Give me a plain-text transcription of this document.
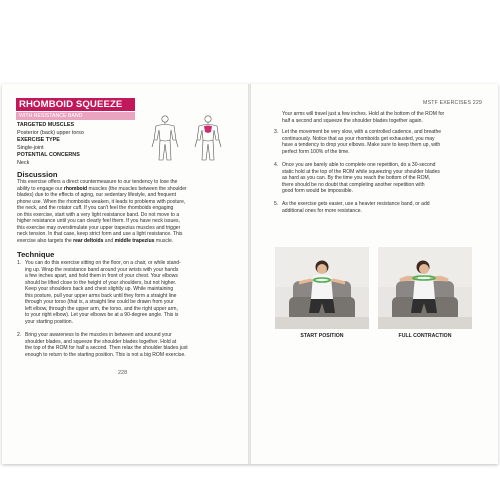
RHOMBOID SQUEEZE
WITH RESISTANCE BAND
TARGETED MUSCLES
Posterior (back) upper torso
EXERCISE TYPE
Single-joint
POTENTIAL CONCERNS
Neck
Discussion
This exercise offers a direct countermeasure to our tendency to lose the
ability to engage our rhomboid muscles (the muscles between the shoulder
blades) due to the effects of aging, our sedentary lifestyle, and frequent
phone use. When the rhomboids weaken, it leads to problems with posture,
the neck, and the rotator cuff. If you can't feel the rhomboids engaging
on this exercise, start with a very light resistance band. Do not move to a
higher resistance until you can clearly feel them. If you have neck issues,
this exercise may overstimulate your upper trapezius muscles and trigger
neck tension. In that case, keep strict form and use a light resistance. This
exercise also targets the rear deltoids and middle trapezius muscle.
Technique
1. You can do this exercise sitting on the floor, on a chair, or while stand-
ing up. Wrap the resistance band around your wrists with your hands
a few inches apart, and hold them in front of your chest. Your elbows
should be lifted close to the height of your shoulders, but not higher.
Keep your shoulders back and chest slightly up. While maintaining
this posture, pull your upper arms back until they form a straight line
through your torso (that is, a straight line could be drawn from your
left elbow, through the upper arm, the torso, and the right upper arm,
to your right elbow). Let your elbows be at a 90-degree angle. This is
your starting position.
2. Bring your awareness to the muscles in between and around your
shoulder blades, and squeeze the shoulder blades together. Hold at
the top of the ROM for half a second. Then relax the shoulder blades just
enough to return to the starting position. This is not a big ROM exercise.
228
MSTF EXERCISES 229
Your arms will travel just a few inches. Hold at the bottom of the ROM for
half a second and squeeze the shoulder blades together again.
3. Let the movement be very slow, with a controlled cadence, and breathe
continuously. Notice that as your rhomboids get exhausted, you may
have a tendency to drop your elbows. Make sure to keep them up, with
perfect form 100% of the time.
4. Once you are barely able to complete one repetition, do a 30-second
static hold at the top of the ROM while squeezing your shoulder blades
as hard as you can. By the time you reach the bottom of the ROM,
there should be no doubt that completing another repetition with
good form would be impossible.
5. As the exercise gets easier, use a heavier resistance band, or add
additional ones for more resistance.
START POSITION	FULL CONTRACTION
